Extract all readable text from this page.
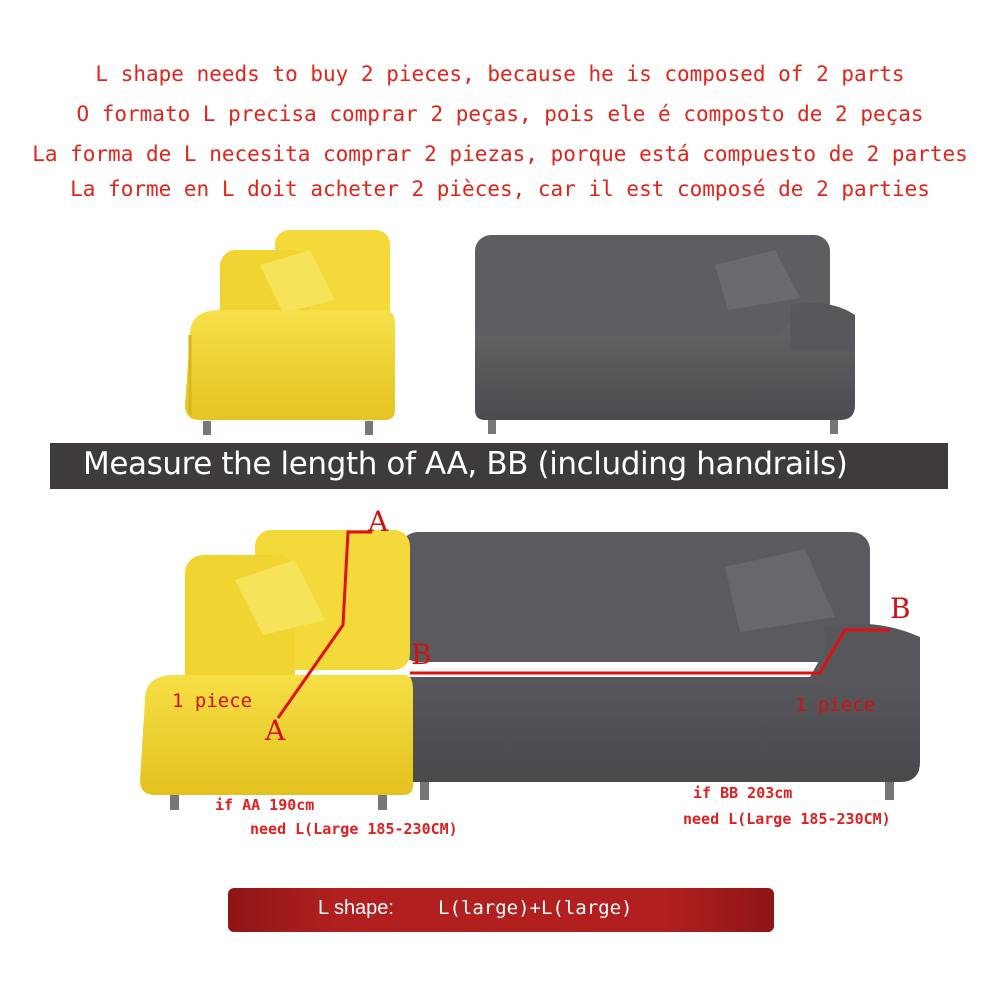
L shape needs to buy 2 pieces, because he is composed of 2 parts
O formato L precisa comprar 2 peças, pois ele é composto de 2 peças
La forma de L necesita comprar 2 piezas, porque está compuesto de 2 partes
La forme en L doit acheter 2 pièces, car il est composé de 2 parties
Measure the length of AA, BB (including handrails)
A
A
B
B
1 piece	1 piece
if AA 190cm
need L(Large 185-230CM)
if BB 203cm
need L(Large 185-230CM)
L shape: L(large)+L(large)
